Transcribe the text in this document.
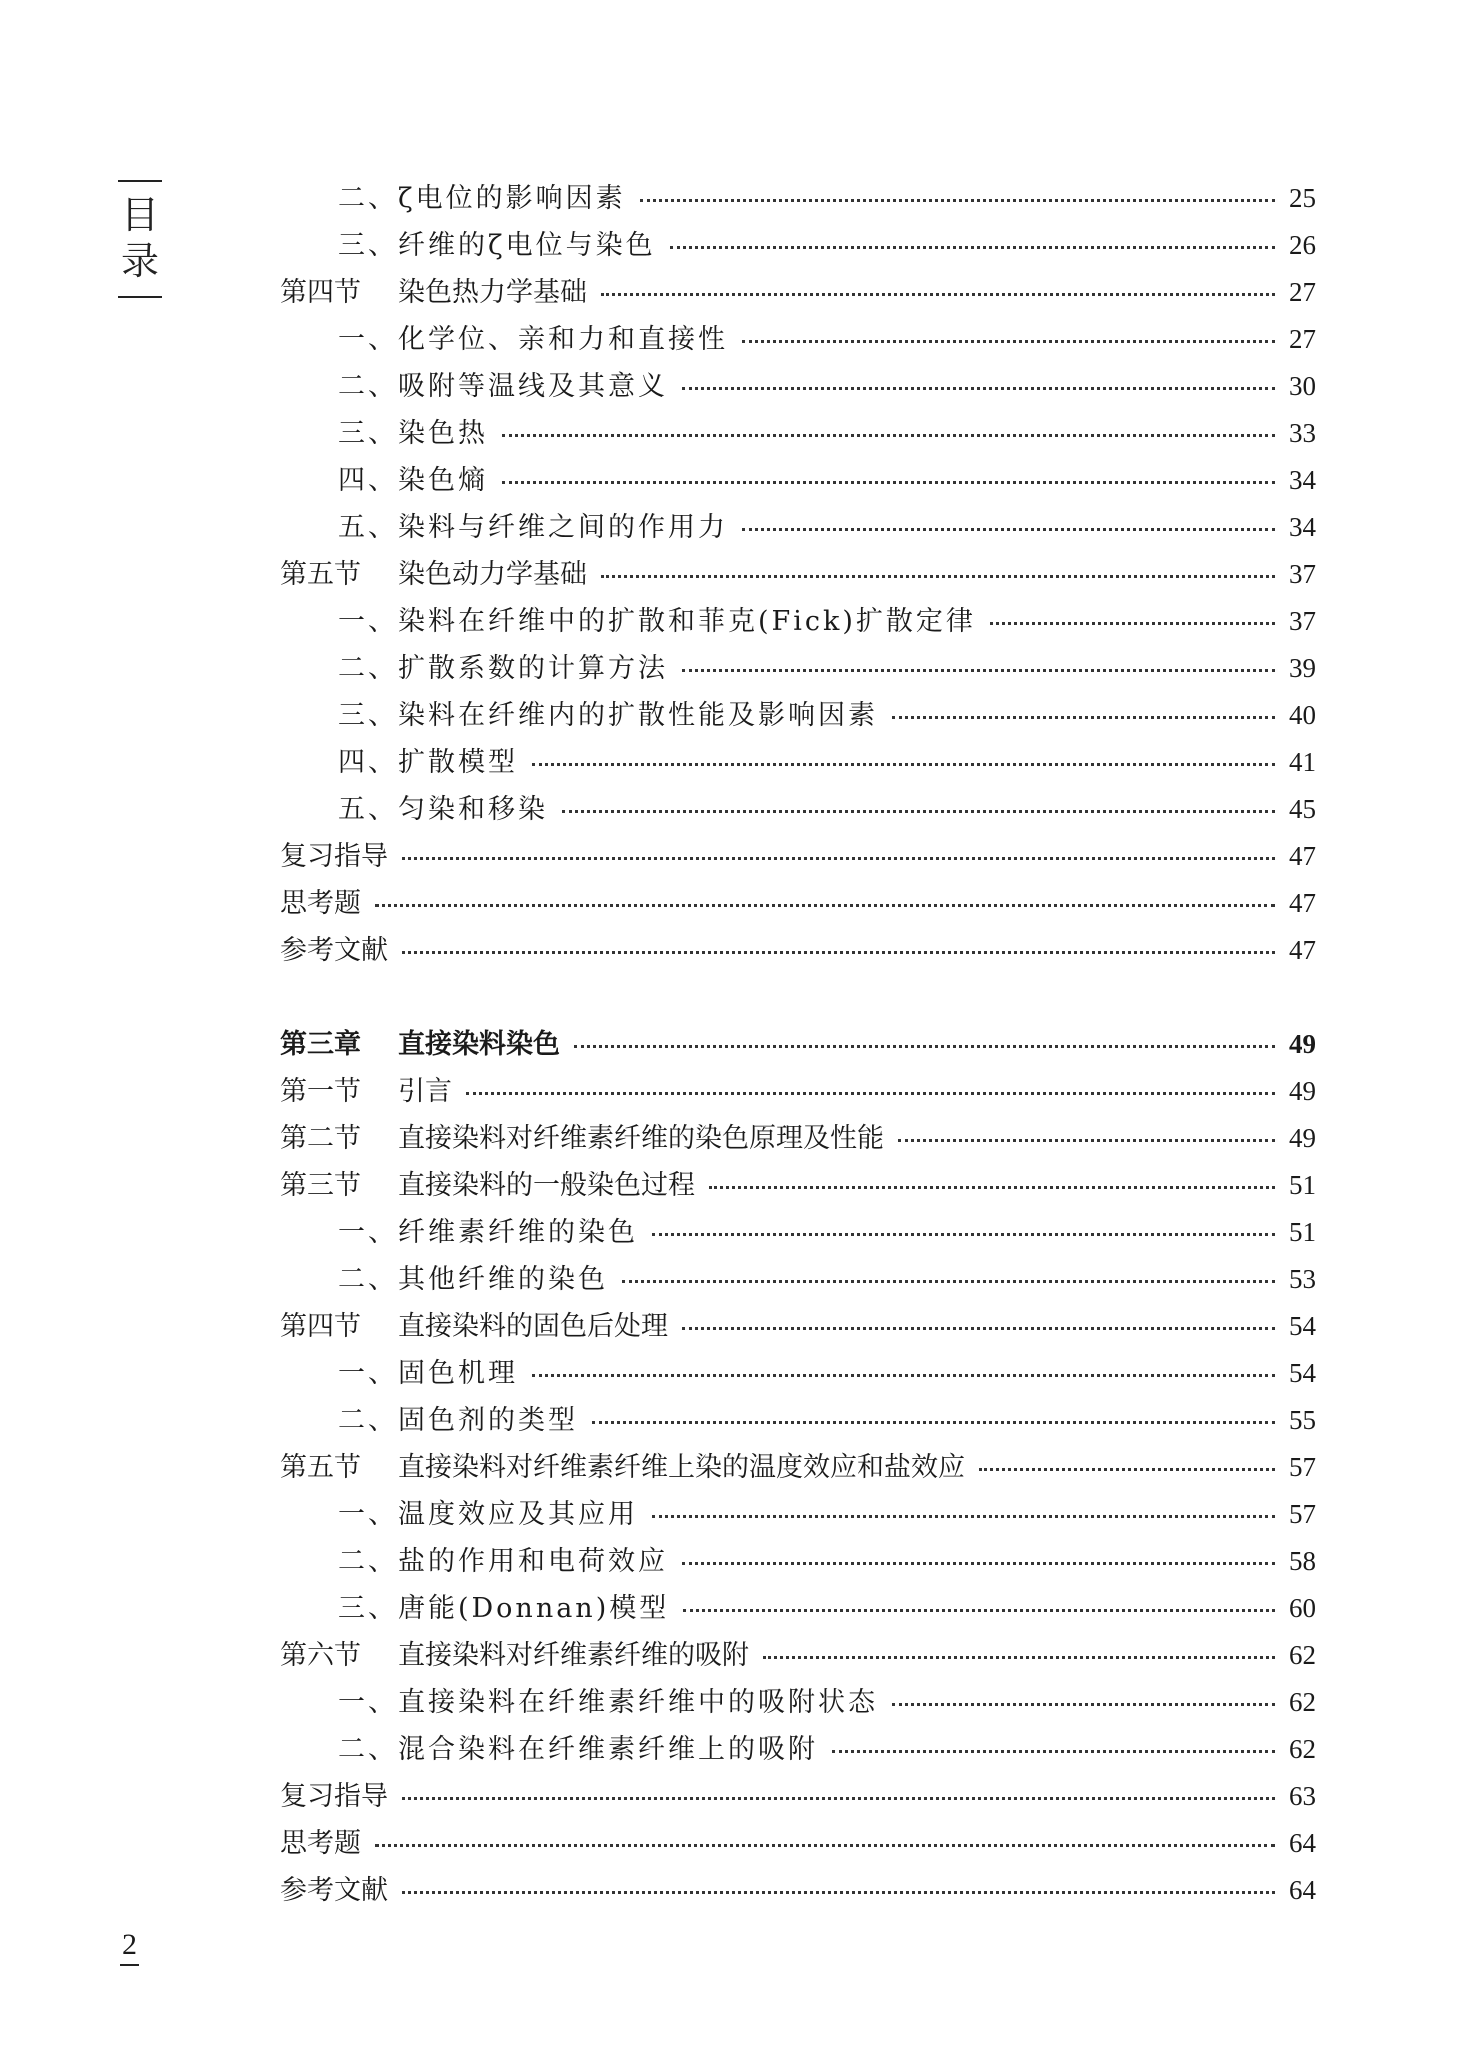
目
录
二、ζ电位的影响因素	25
三、纤维的ζ电位与染色	26
第四节	染色热力学基础	27
一、化学位、亲和力和直接性	27
二、吸附等温线及其意义	30
三、染色热	33
四、染色熵	34
五、染料与纤维之间的作用力	34
第五节	染色动力学基础	37
一、染料在纤维中的扩散和菲克(Fick)扩散定律	37
二、扩散系数的计算方法	39
三、染料在纤维内的扩散性能及影响因素	40
四、扩散模型	41
五、匀染和移染	45
复习指导	47
思考题	47
参考文献	47
第三章	直接染料染色	49
第一节	引言	49
第二节	直接染料对纤维素纤维的染色原理及性能	49
第三节	直接染料的一般染色过程	51
一、纤维素纤维的染色	51
二、其他纤维的染色	53
第四节	直接染料的固色后处理	54
一、固色机理	54
二、固色剂的类型	55
第五节	直接染料对纤维素纤维上染的温度效应和盐效应	57
一、温度效应及其应用	57
二、盐的作用和电荷效应	58
三、唐能(Donnan)模型	60
第六节	直接染料对纤维素纤维的吸附	62
一、直接染料在纤维素纤维中的吸附状态	62
二、混合染料在纤维素纤维上的吸附	62
复习指导	63
思考题	64
参考文献	64
2
